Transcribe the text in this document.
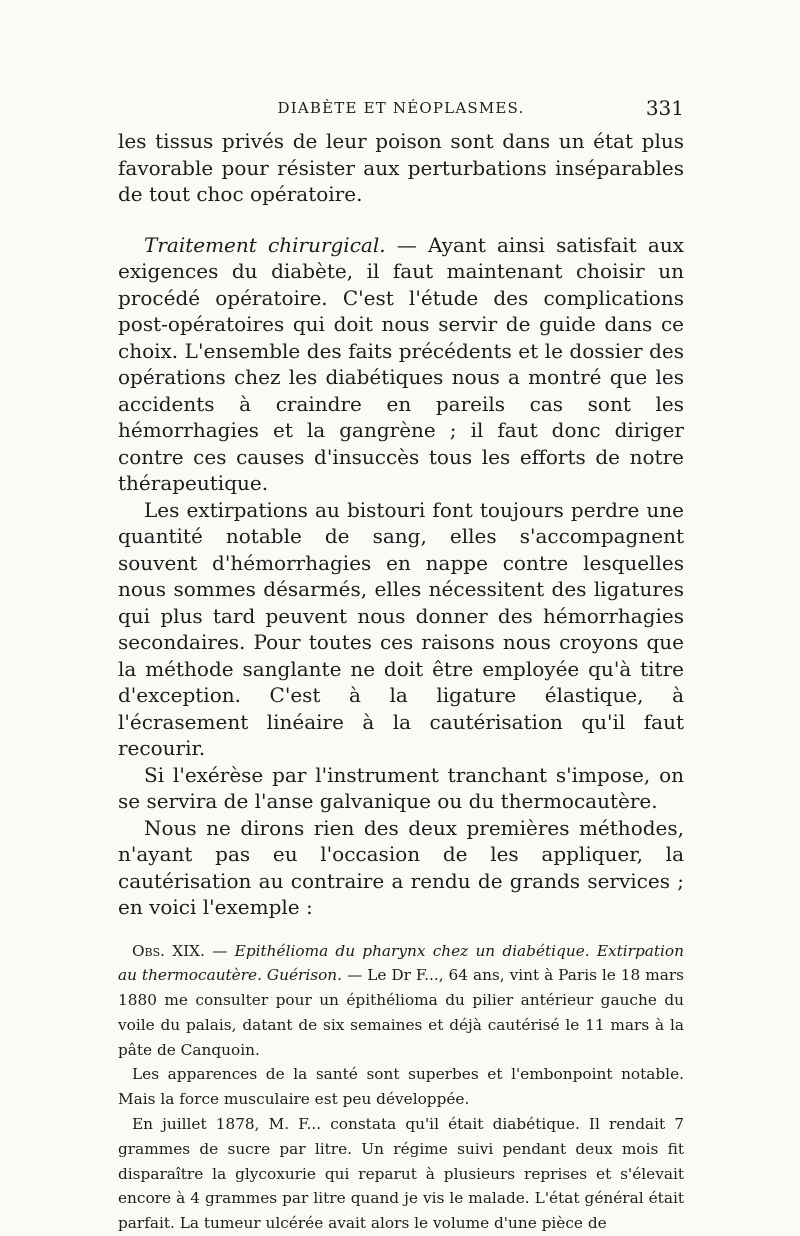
DIABÈTE ET NÉOPLASMES.	331

les tissus privés de leur poison sont dans un état plus favorable pour résister aux perturbations inséparables de tout choc opératoire.

Traitement chirurgical. — Ayant ainsi satisfait aux exigences du diabète, il faut maintenant choisir un procédé opératoire. C'est l'étude des complications post-opératoires qui doit nous servir de guide dans ce choix. L'ensemble des faits précédents et le dossier des opérations chez les diabétiques nous a montré que les accidents à craindre en pareils cas sont les hémorrhagies et la gangrène ; il faut donc diriger contre ces causes d'insuccès tous les efforts de notre thérapeutique.

Les extirpations au bistouri font toujours perdre une quantité notable de sang, elles s'accompagnent souvent d'hémorrhagies en nappe contre lesquelles nous sommes désarmés, elles nécessitent des ligatures qui plus tard peuvent nous donner des hémorrhagies secondaires. Pour toutes ces raisons nous croyons que la méthode sanglante ne doit être employée qu'à titre d'exception. C'est à la ligature élastique, à l'écrasement linéaire à la cautérisation qu'il faut recourir.

Si l'exérèse par l'instrument tranchant s'impose, on se servira de l'anse galvanique ou du thermocautère.

Nous ne dirons rien des deux premières méthodes, n'ayant pas eu l'occasion de les appliquer, la cautérisation au contraire a rendu de grands services ; en voici l'exemple :

Obs. XIX. — Epithélioma du pharynx chez un diabétique. Extirpation au thermocautère. Guérison. — Le Dr F..., 64 ans, vint à Paris le 18 mars 1880 me consulter pour un épithélioma du pilier antérieur gauche du voile du palais, datant de six semaines et déjà cautérisé le 11 mars à la pâte de Canquoin.

Les apparences de la santé sont superbes et l'embonpoint notable. Mais la force musculaire est peu développée.

En juillet 1878, M. F... constata qu'il était diabétique. Il rendait 7 grammes de sucre par litre. Un régime suivi pendant deux mois fit disparaître la glycoxurie qui reparut à plusieurs reprises et s'élevait encore à 4 grammes par litre quand je vis le malade. L'état général était parfait. La tumeur ulcérée avait alors le volume d'une pièce de
